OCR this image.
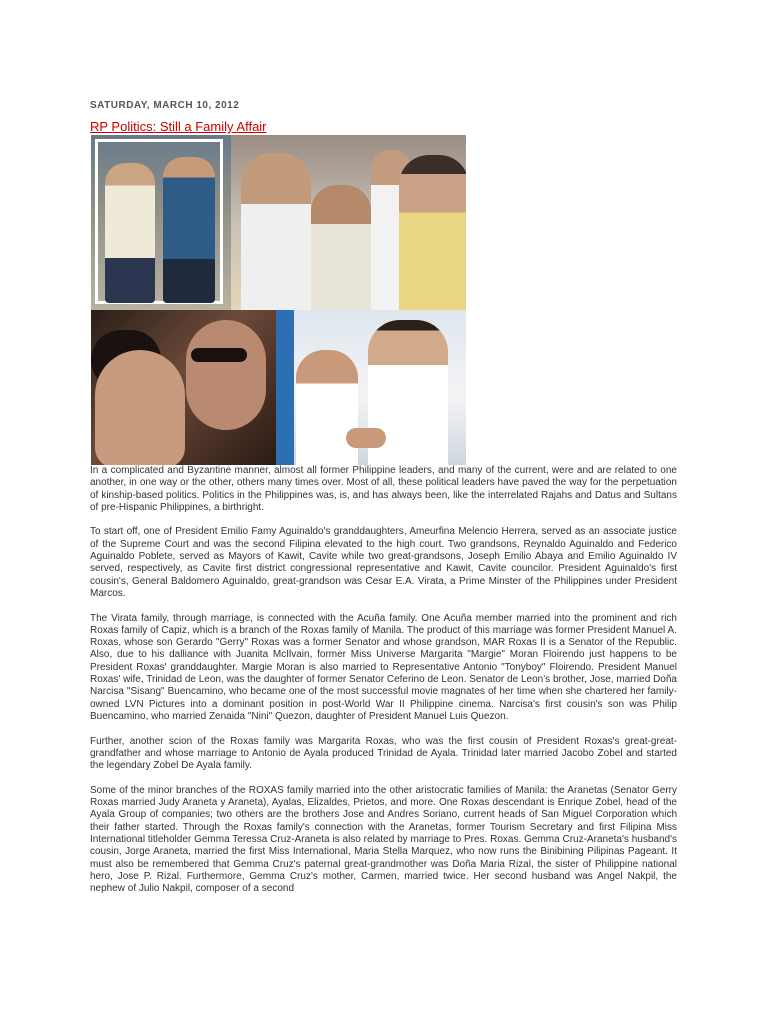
SATURDAY, MARCH 10, 2012
RP Politics: Still a Family Affair

In a complicated and Byzantine manner, almost all former Philippine leaders, and many of the current, were and are related to one another, in one way or the other, others many times over. Most of all, these political leaders have paved the way for the perpetuation of kinship-based politics. Politics in the Philippines was, is, and has always been, like the interrelated Rajahs and Datus and Sultans of pre-Hispanic Philippines, a birthright.

To start off, one of President Emilio Famy Aguinaldo's granddaughters, Ameurfina Melencio Herrera, served as an associate justice of the Supreme Court and was the second Filipina elevated to the high court. Two grandsons, Reynaldo Aguinaldo and Federico Aguinaldo Poblete, served as Mayors of Kawit, Cavite while two great-grandsons, Joseph Emilio Abaya and Emilio Aguinaldo IV served, respectively, as Cavite first district congressional representative and Kawit, Cavite councilor. President Aguinaldo's first cousin's, General Baldomero Aguinaldo, great-grandson was Cesar E.A. Virata, a Prime Minster of the Philippines under President Marcos.

The Virata family, through marriage, is connected with the Acuña family. One Acuña member married into the prominent and rich Roxas family of Capiz, which is a branch of the Roxas family of Manila. The product of this marriage was former President Manuel A. Roxas, whose son Gerardo "Gerry" Roxas was a former Senator and whose grandson, MAR Roxas II is a Senator of the Republic. Also, due to his dalliance with Juanita McIlvain, former Miss Universe Margarita "Margie" Moran Floirendo just happens to be President Roxas' granddaughter. Margie Moran is also married to Representative Antonio "Tonyboy" Floirendo. President Manuel Roxas' wife, Trinidad de Leon, was the daughter of former Senator Ceferino de Leon. Senator de Leon's brother, Jose, married Doña Narcisa "Sisang" Buencamino, who became one of the most successful movie magnates of her time when she chartered her family-owned LVN Pictures into a dominant position in post-World War II Philippine cinema. Narcisa's first cousin's son was Philip Buencamino, who married Zenaida "Nini" Quezon, daughter of President Manuel Luis Quezon.

Further, another scion of the Roxas family was Margarita Roxas, who was the first cousin of President Roxas's great-great-grandfather and whose marriage to Antonio de Ayala produced Trinidad de Ayala. Trinidad later married Jacobo Zobel and started the legendary Zobel De Ayala family.

Some of the minor branches of the ROXAS family married into the other aristocratic families of Manila: the Aranetas (Senator Gerry Roxas married Judy Araneta y Araneta), Ayalas, Elizaldes, Prietos, and more. One Roxas descendant is Enrique Zobel, head of the Ayala Group of companies; two others are the brothers Jose and Andres Soriano, current heads of San Miguel Corporation which their father started. Through the Roxas family's connection with the Aranetas, former Tourism Secretary and first Filipina Miss International titleholder Gemma Teressa Cruz-Araneta is also related by marriage to Pres. Roxas. Gemma Cruz-Araneta's husband's cousin, Jorge Araneta, married the first Miss International, Maria Stella Marquez, who now runs the Binibining Pilipinas Pageant. It must also be remembered that Gemma Cruz's paternal great-grandmother was Doña Maria Rizal, the sister of Philippine national hero, Jose P. Rizal. Furthermore, Gemma Cruz's mother, Carmen, married twice. Her second husband was Angel Nakpil, the nephew of Julio Nakpil, composer of a second
